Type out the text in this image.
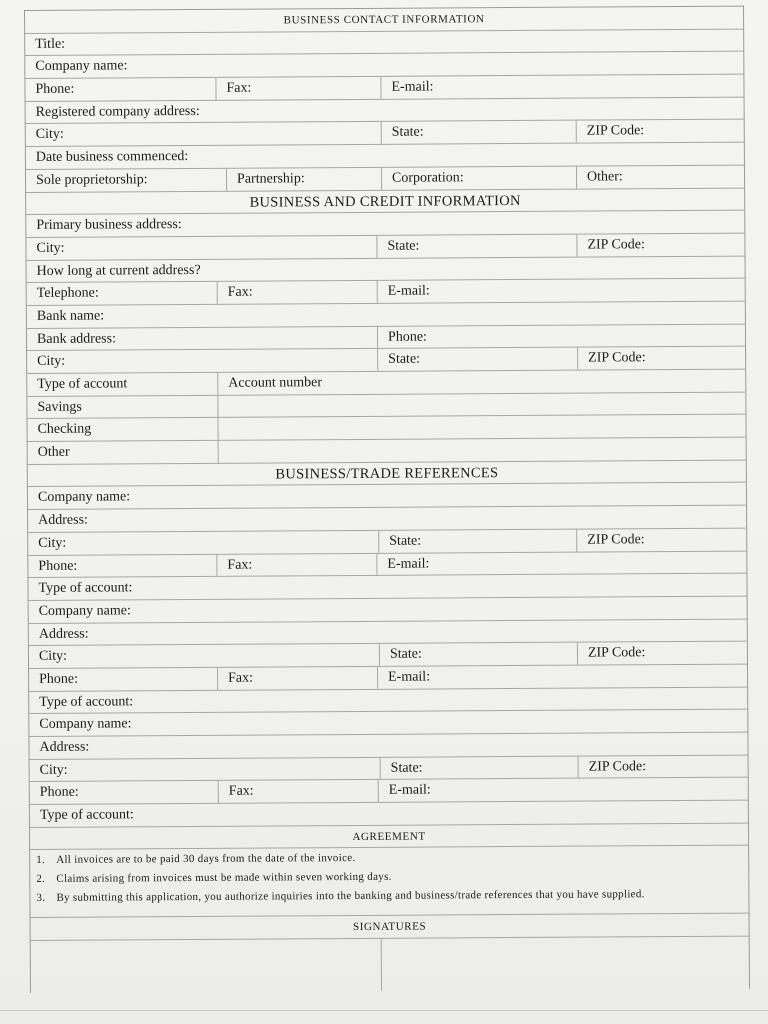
BUSINESS CONTACT INFORMATION
Title:
Company name:
Phone:	Fax:	E-mail:
Registered company address:
City:	State:	ZIP Code:
Date business commenced:
Sole proprietorship:	Partnership:	Corporation:	Other:
BUSINESS AND CREDIT INFORMATION
Primary business address:
City:	State:	ZIP Code:
How long at current address?
Telephone:	Fax:	E-mail:
Bank name:
Bank address:	Phone:
City:	State:	ZIP Code:
Type of account	Account number
Savings
Checking
Other
BUSINESS/TRADE REFERENCES
Company name:
Address:
City:	State:	ZIP Code:
Phone:	Fax:	E-mail:
Type of account:
Company name:
Address:
City:	State:	ZIP Code:
Phone:	Fax:	E-mail:
Type of account:
Company name:
Address:
City:	State:	ZIP Code:
Phone:	Fax:	E-mail:
Type of account:
AGREEMENT
1. All invoices are to be paid 30 days from the date of the invoice.
2. Claims arising from invoices must be made within seven working days.
3. By submitting this application, you authorize inquiries into the banking and business/trade references that you have supplied.
SIGNATURES
